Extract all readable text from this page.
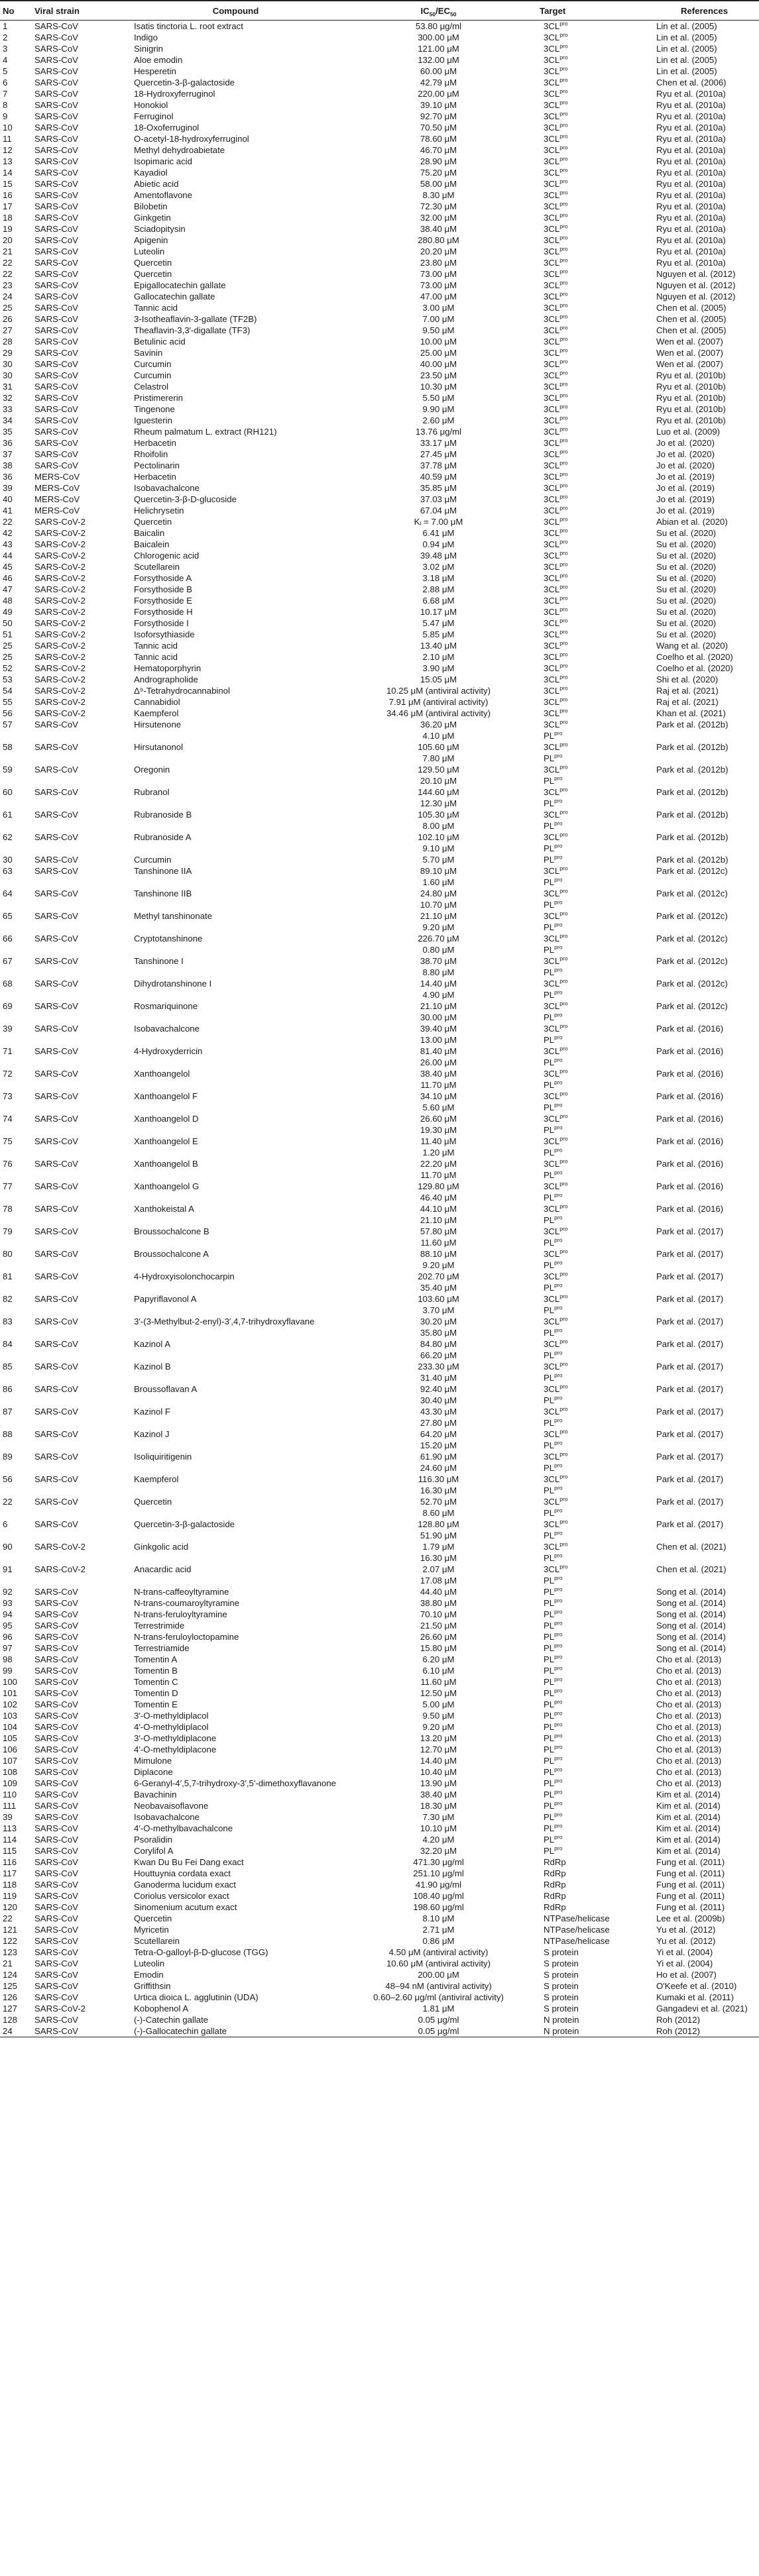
No	Viral strain	Compound	$IC_{50}/EC_{50}$	Target	References
1	SARS-CoV	Isatis tinctoria L. root extract	53.80 μg/ml	$3CL^{pro}$	Lin et al. (2005)
2	SARS-CoV	Indigo	300.00 μM	$3CL^{pro}$	Lin et al. (2005)
3	SARS-CoV	Sinigrin	121.00 μM	$3CL^{pro}$	Lin et al. (2005)
4	SARS-CoV	Aloe emodin	132.00 μM	$3CL^{pro}$	Lin et al. (2005)
5	SARS-CoV	Hesperetin	60.00 μM	$3CL^{pro}$	Lin et al. (2005)
6	SARS-CoV	Quercetin-3-β-galactoside	42.79 μM	$3CL^{pro}$	Chen et al. (2006)
7	SARS-CoV	18-Hydroxyferruginol	220.00 μM	$3CL^{pro}$	Ryu et al. (2010a)
8	SARS-CoV	Honokiol	39.10 μM	$3CL^{pro}$	Ryu et al. (2010a)
9	SARS-CoV	Ferruginol	92.70 μM	$3CL^{pro}$	Ryu et al. (2010a)
10	SARS-CoV	18-Oxoferruginol	70.50 μM	$3CL^{pro}$	Ryu et al. (2010a)
11	SARS-CoV	O-acetyl-18-hydroxyferruginol	78.60 μM	$3CL^{pro}$	Ryu et al. (2010a)
12	SARS-CoV	Methyl dehydroabietate	46.70 μM	$3CL^{pro}$	Ryu et al. (2010a)
13	SARS-CoV	Isopimaric acid	28.90 μM	$3CL^{pro}$	Ryu et al. (2010a)
14	SARS-CoV	Kayadiol	75.20 μM	$3CL^{pro}$	Ryu et al. (2010a)
15	SARS-CoV	Abietic acid	58.00 μM	$3CL^{pro}$	Ryu et al. (2010a)
16	SARS-CoV	Amentoflavone	8.30 μM	$3CL^{pro}$	Ryu et al. (2010a)
17	SARS-CoV	Bilobetin	72.30 μM	$3CL^{pro}$	Ryu et al. (2010a)
18	SARS-CoV	Ginkgetin	32.00 μM	$3CL^{pro}$	Ryu et al. (2010a)
19	SARS-CoV	Sciadopitysin	38.40 μM	$3CL^{pro}$	Ryu et al. (2010a)
20	SARS-CoV	Apigenin	280.80 μM	$3CL^{pro}$	Ryu et al. (2010a)
21	SARS-CoV	Luteolin	20.20 μM	$3CL^{pro}$	Ryu et al. (2010a)
22	SARS-CoV	Quercetin	23.80 μM	$3CL^{pro}$	Ryu et al. (2010a)
22	SARS-CoV	Quercetin	73.00 μM	$3CL^{pro}$	Nguyen et al. (2012)
23	SARS-CoV	Epigallocatechin gallate	73.00 μM	$3CL^{pro}$	Nguyen et al. (2012)
24	SARS-CoV	Gallocatechin gallate	47.00 μM	$3CL^{pro}$	Nguyen et al. (2012)
25	SARS-CoV	Tannic acid	3.00 μM	$3CL^{pro}$	Chen et al. (2005)
26	SARS-CoV	3-Isotheaflavin-3-gallate (TF2B)	7.00 μM	$3CL^{pro}$	Chen et al. (2005)
27	SARS-CoV	Theaflavin-3,3′-digallate (TF3)	9.50 μM	$3CL^{pro}$	Chen et al. (2005)
28	SARS-CoV	Betulinic acid	10.00 μM	$3CL^{pro}$	Wen et al. (2007)
29	SARS-CoV	Savinin	25.00 μM	$3CL^{pro}$	Wen et al. (2007)
30	SARS-CoV	Curcumin	40.00 μM	$3CL^{pro}$	Wen et al. (2007)
30	SARS-CoV	Curcumin	23.50 μM	$3CL^{pro}$	Ryu et al. (2010b)
31	SARS-CoV	Celastrol	10.30 μM	$3CL^{pro}$	Ryu et al. (2010b)
32	SARS-CoV	Pristimererin	5.50 μM	$3CL^{pro}$	Ryu et al. (2010b)
33	SARS-CoV	Tingenone	9.90 μM	$3CL^{pro}$	Ryu et al. (2010b)
34	SARS-CoV	Iguesterin	2.60 μM	$3CL^{pro}$	Ryu et al. (2010b)
35	SARS-CoV	Rheum palmatum L. extract (RH121)	13.76 μg/ml	$3CL^{pro}$	Luo et al. (2009)
36	SARS-CoV	Herbacetin	33.17 μM	$3CL^{pro}$	Jo et al. (2020)
37	SARS-CoV	Rhoifolin	27.45 μM	$3CL^{pro}$	Jo et al. (2020)
38	SARS-CoV	Pectolinarin	37.78 μM	$3CL^{pro}$	Jo et al. (2020)
36	MERS-CoV	Herbacetin	40.59 μM	$3CL^{pro}$	Jo et al. (2019)
39	MERS-CoV	Isobavachalcone	35.85 μM	$3CL^{pro}$	Jo et al. (2019)
40	MERS-CoV	Quercetin-3-β-D-glucoside	37.03 μM	$3CL^{pro}$	Jo et al. (2019)
41	MERS-CoV	Helichrysetin	67.04 μM	$3CL^{pro}$	Jo et al. (2019)
22	SARS-CoV-2	Quercetin	Kᵢ = 7.00 μM	$3CL^{pro}$	Abian et al. (2020)
42	SARS-CoV-2	Baicalin	6.41 μM	$3CL^{pro}$	Su et al. (2020)
43	SARS-CoV-2	Baicalein	0.94 μM	$3CL^{pro}$	Su et al. (2020)
44	SARS-CoV-2	Chlorogenic acid	39.48 μM	$3CL^{pro}$	Su et al. (2020)
45	SARS-CoV-2	Scutellarein	3.02 μM	$3CL^{pro}$	Su et al. (2020)
46	SARS-CoV-2	Forsythoside A	3.18 μM	$3CL^{pro}$	Su et al. (2020)
47	SARS-CoV-2	Forsythoside B	2.88 μM	$3CL^{pro}$	Su et al. (2020)
48	SARS-CoV-2	Forsythoside E	6.68 μM	$3CL^{pro}$	Su et al. (2020)
49	SARS-CoV-2	Forsythoside H	10.17 μM	$3CL^{pro}$	Su et al. (2020)
50	SARS-CoV-2	Forsythoside I	5.47 μM	$3CL^{pro}$	Su et al. (2020)
51	SARS-CoV-2	Isoforsythiaside	5.85 μM	$3CL^{pro}$	Su et al. (2020)
25	SARS-CoV-2	Tannic acid	13.40 μM	$3CL^{pro}$	Wang et al. (2020)
25	SARS-CoV-2	Tannic acid	2.10 μM	$3CL^{pro}$	Coelho et al. (2020)
52	SARS-CoV-2	Hematoporphyrin	3.90 μM	$3CL^{pro}$	Coelho et al. (2020)
53	SARS-CoV-2	Andrographolide	15.05 μM	$3CL^{pro}$	Shi et al. (2020)
54	SARS-CoV-2	Δ⁹-Tetrahydrocannabinol	10.25 μM (antiviral activity)	$3CL^{pro}$	Raj et al. (2021)
55	SARS-CoV-2	Cannabidiol	7.91 μM (antiviral activity)	$3CL^{pro}$	Raj et al. (2021)
56	SARS-CoV-2	Kaempferol	34.46 μM (antiviral activity)	$3CL^{pro}$	Khan et al. (2021)
57	SARS-CoV	Hirsutenone	36.20 μM	$3CL^{pro}$	Park et al. (2012b)
			4.10 μM	$PL^{pro}$	
58	SARS-CoV	Hirsutanonol	105.60 μM	$3CL^{pro}$	Park et al. (2012b)
			7.80 μM	$PL^{pro}$	
59	SARS-CoV	Oregonin	129.50 μM	$3CL^{pro}$	Park et al. (2012b)
			20.10 μM	$PL^{pro}$	
60	SARS-CoV	Rubranol	144.60 μM	$3CL^{pro}$	Park et al. (2012b)
			12.30 μM	$PL^{pro}$	
61	SARS-CoV	Rubranoside B	105.30 μM	$3CL^{pro}$	Park et al. (2012b)
			8.00 μM	$PL^{pro}$	
62	SARS-CoV	Rubranoside A	102.10 μM	$3CL^{pro}$	Park et al. (2012b)
			9.10 μM	$PL^{pro}$	
30	SARS-CoV	Curcumin	5.70 μM	$PL^{pro}$	Park et al. (2012b)
63	SARS-CoV	Tanshinone IIA	89.10 μM	$3CL^{pro}$	Park et al. (2012c)
			1.60 μM	$PL^{pro}$	
64	SARS-CoV	Tanshinone IIB	24.80 μM	$3CL^{pro}$	Park et al. (2012c)
			10.70 μM	$PL^{pro}$	
65	SARS-CoV	Methyl tanshinonate	21.10 μM	$3CL^{pro}$	Park et al. (2012c)
			9.20 μM	$PL^{pro}$	
66	SARS-CoV	Cryptotanshinone	226.70 μM	$3CL^{pro}$	Park et al. (2012c)
			0.80 μM	$PL^{pro}$	
67	SARS-CoV	Tanshinone I	38.70 μM	$3CL^{pro}$	Park et al. (2012c)
			8.80 μM	$PL^{pro}$	
68	SARS-CoV	Dihydrotanshinone I	14.40 μM	$3CL^{pro}$	Park et al. (2012c)
			4.90 μM	$PL^{pro}$	
69	SARS-CoV	Rosmariquinone	21.10 μM	$3CL^{pro}$	Park et al. (2012c)
			30.00 μM	$PL^{pro}$	
39	SARS-CoV	Isobavachalcone	39.40 μM	$3CL^{pro}$	Park et al. (2016)
			13.00 μM	$PL^{pro}$	
71	SARS-CoV	4-Hydroxyderricin	81.40 μM	$3CL^{pro}$	Park et al. (2016)
			26.00 μM	$PL^{pro}$	
72	SARS-CoV	Xanthoangelol	38.40 μM	$3CL^{pro}$	Park et al. (2016)
			11.70 μM	$PL^{pro}$	
73	SARS-CoV	Xanthoangelol F	34.10 μM	$3CL^{pro}$	Park et al. (2016)
			5.60 μM	$PL^{pro}$	
74	SARS-CoV	Xanthoangelol D	26.60 μM	$3CL^{pro}$	Park et al. (2016)
			19.30 μM	$PL^{pro}$	
75	SARS-CoV	Xanthoangelol E	11.40 μM	$3CL^{pro}$	Park et al. (2016)
			1.20 μM	$PL^{pro}$	
76	SARS-CoV	Xanthoangelol B	22.20 μM	$3CL^{pro}$	Park et al. (2016)
			11.70 μM	$PL^{pro}$	
77	SARS-CoV	Xanthoangelol G	129.80 μM	$3CL^{pro}$	Park et al. (2016)
			46.40 μM	$PL^{pro}$	
78	SARS-CoV	Xanthokeistal A	44.10 μM	$3CL^{pro}$	Park et al. (2016)
			21.10 μM	$PL^{pro}$	
79	SARS-CoV	Broussochalcone B	57.80 μM	$3CL^{pro}$	Park et al. (2017)
			11.60 μM	$PL^{pro}$	
80	SARS-CoV	Broussochalcone A	88.10 μM	$3CL^{pro}$	Park et al. (2017)
			9.20 μM	$PL^{pro}$	
81	SARS-CoV	4-Hydroxyisolonchocarpin	202.70 μM	$3CL^{pro}$	Park et al. (2017)
			35.40 μM	$PL^{pro}$	
82	SARS-CoV	Papyriflavonol A	103.60 μM	$3CL^{pro}$	Park et al. (2017)
			3.70 μM	$PL^{pro}$	
83	SARS-CoV	3′-(3-Methylbut-2-enyl)-3′,4,7-trihydroxyflavane	30.20 μM	$3CL^{pro}$	Park et al. (2017)
			35.80 μM	$PL^{pro}$	
84	SARS-CoV	Kazinol A	84.80 μM	$3CL^{pro}$	Park et al. (2017)
			66.20 μM	$PL^{pro}$	
85	SARS-CoV	Kazinol B	233.30 μM	$3CL^{pro}$	Park et al. (2017)
			31.40 μM	$PL^{pro}$	
86	SARS-CoV	Broussoflavan A	92.40 μM	$3CL^{pro}$	Park et al. (2017)
			30.40 μM	$PL^{pro}$	
87	SARS-CoV	Kazinol F	43.30 μM	$3CL^{pro}$	Park et al. (2017)
			27.80 μM	$PL^{pro}$	
88	SARS-CoV	Kazinol J	64.20 μM	$3CL^{pro}$	Park et al. (2017)
			15.20 μM	$PL^{pro}$	
89	SARS-CoV	Isoliquiritigenin	61.90 μM	$3CL^{pro}$	Park et al. (2017)
			24.60 μM	$PL^{pro}$	
56	SARS-CoV	Kaempferol	116.30 μM	$3CL^{pro}$	Park et al. (2017)
			16.30 μM	$PL^{pro}$	
22	SARS-CoV	Quercetin	52.70 μM	$3CL^{pro}$	Park et al. (2017)
			8.60 μM	$PL^{pro}$	
6	SARS-CoV	Quercetin-3-β-galactoside	128.80 μM	$3CL^{pro}$	Park et al. (2017)
			51.90 μM	$PL^{pro}$	
90	SARS-CoV-2	Ginkgolic acid	1.79 μM	$3CL^{pro}$	Chen et al. (2021)
			16.30 μM	$PL^{pro}$	
91	SARS-CoV-2	Anacardic acid	2.07 μM	$3CL^{pro}$	Chen et al. (2021)
			17.08 μM	$PL^{pro}$	
92	SARS-CoV	N-trans-caffeoyltyramine	44.40 μM	$PL^{pro}$	Song et al. (2014)
93	SARS-CoV	N-trans-coumaroyltyramine	38.80 μM	$PL^{pro}$	Song et al. (2014)
94	SARS-CoV	N-trans-feruloyltyramine	70.10 μM	$PL^{pro}$	Song et al. (2014)
95	SARS-CoV	Terrestrimide	21.50 μM	$PL^{pro}$	Song et al. (2014)
96	SARS-CoV	N-trans-feruloyloctopamine	26.60 μM	$PL^{pro}$	Song et al. (2014)
97	SARS-CoV	Terrestriamide	15.80 μM	$PL^{pro}$	Song et al. (2014)
98	SARS-CoV	Tomentin A	6.20 μM	$PL^{pro}$	Cho et al. (2013)
99	SARS-CoV	Tomentin B	6.10 μM	$PL^{pro}$	Cho et al. (2013)
100	SARS-CoV	Tomentin C	11.60 μM	$PL^{pro}$	Cho et al. (2013)
101	SARS-CoV	Tomentin D	12.50 μM	$PL^{pro}$	Cho et al. (2013)
102	SARS-CoV	Tomentin E	5.00 μM	$PL^{pro}$	Cho et al. (2013)
103	SARS-CoV	3′-O-methyldiplacol	9.50 μM	$PL^{pro}$	Cho et al. (2013)
104	SARS-CoV	4′-O-methyldiplacol	9.20 μM	$PL^{pro}$	Cho et al. (2013)
105	SARS-CoV	3′-O-methyldiplacone	13.20 μM	$PL^{pro}$	Cho et al. (2013)
106	SARS-CoV	4′-O-methyldiplacone	12.70 μM	$PL^{pro}$	Cho et al. (2013)
107	SARS-CoV	Mimulone	14.40 μM	$PL^{pro}$	Cho et al. (2013)
108	SARS-CoV	Diplacone	10.40 μM	$PL^{pro}$	Cho et al. (2013)
109	SARS-CoV	6-Geranyl-4′,5,7-trihydroxy-3′,5′-dimethoxyflavanone	13.90 μM	$PL^{pro}$	Cho et al. (2013)
110	SARS-CoV	Bavachinin	38.40 μM	$PL^{pro}$	Kim et al. (2014)
111	SARS-CoV	Neobavaisoflavone	18.30 μM	$PL^{pro}$	Kim et al. (2014)
39	SARS-CoV	Isobavachalcone	7.30 μM	$PL^{pro}$	Kim et al. (2014)
113	SARS-CoV	4′-O-methylbavachalcone	10.10 μM	$PL^{pro}$	Kim et al. (2014)
114	SARS-CoV	Psoralidin	4.20 μM	$PL^{pro}$	Kim et al. (2014)
115	SARS-CoV	Corylifol A	32.20 μM	$PL^{pro}$	Kim et al. (2014)
116	SARS-CoV	Kwan Du Bu Fei Dang exact	471.30 μg/ml	RdRp	Fung et al. (2011)
117	SARS-CoV	Houttuynia cordata exact	251.10 μg/ml	RdRp	Fung et al. (2011)
118	SARS-CoV	Ganoderma lucidum exact	41.90 μg/ml	RdRp	Fung et al. (2011)
119	SARS-CoV	Coriolus versicolor exact	108.40 μg/ml	RdRp	Fung et al. (2011)
120	SARS-CoV	Sinomenium acutum exact	198.60 μg/ml	RdRp	Fung et al. (2011)
22	SARS-CoV	Quercetin	8.10 μM	NTPase/helicase	Lee et al. (2009b)
121	SARS-CoV	Myricetin	2.71 μM	NTPase/helicase	Yu et al. (2012)
122	SARS-CoV	Scutellarein	0.86 μM	NTPase/helicase	Yu et al. (2012)
123	SARS-CoV	Tetra-O-galloyl-β-D-glucose (TGG)	4.50 μM (antiviral activity)	S protein	Yi et al. (2004)
21	SARS-CoV	Luteolin	10.60 μM (antiviral activity)	S protein	Yi et al. (2004)
124	SARS-CoV	Emodin	200.00 μM	S protein	Ho et al. (2007)
125	SARS-CoV	Griffithsin	48–94 nM (antiviral activity)	S protein	O'Keefe et al. (2010)
126	SARS-CoV	Urtica dioica L. agglutinin (UDA)	0.60–2.60 μg/ml (antiviral activity)	S protein	Kumaki et al. (2011)
127	SARS-CoV-2	Kobophenol A	1.81 μM	S protein	Gangadevi et al. (2021)
128	SARS-CoV	(-)-Catechin gallate	0.05 μg/ml	N protein	Roh (2012)
24	SARS-CoV	(-)-Gallocatechin gallate	0.05 μg/ml	N protein	Roh (2012)
